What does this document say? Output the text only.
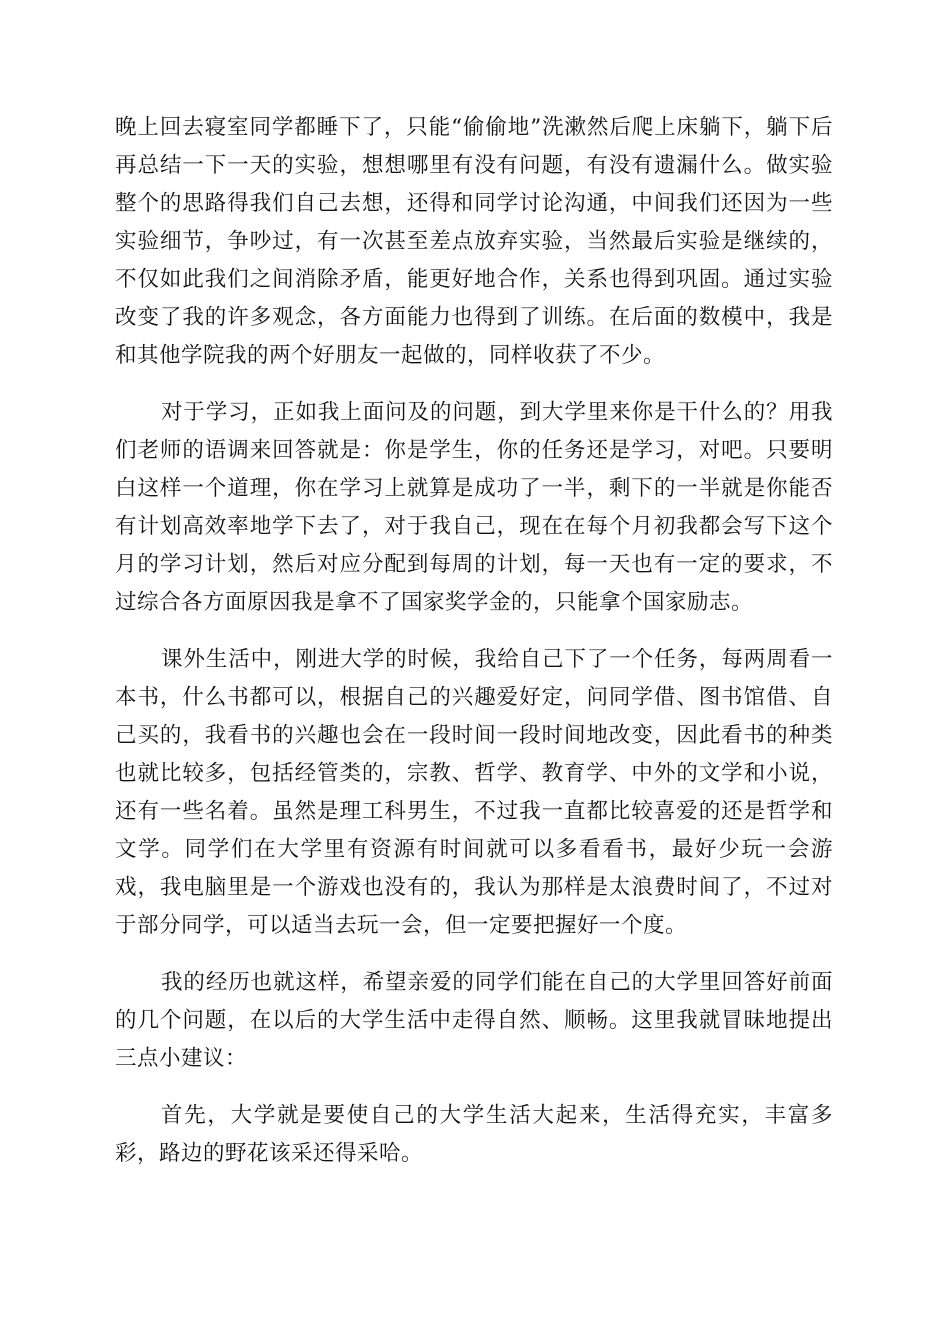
晚上回去寝室同学都睡下了，只能“偷偷地”洗漱然后爬上床躺下，躺下后再总结一下一天的实验，想想哪里有没有问题，有没有遗漏什么。做实验整个的思路得我们自己去想，还得和同学讨论沟通，中间我们还因为一些实验细节，争吵过，有一次甚至差点放弃实验，当然最后实验是继续的，不仅如此我们之间消除矛盾，能更好地合作，关系也得到巩固。通过实验改变了我的许多观念，各方面能力也得到了训练。在后面的数模中，我是和其他学院我的两个好朋友一起做的，同样收获了不少。

对于学习，正如我上面问及的问题，到大学里来你是干什么的？用我们老师的语调来回答就是：你是学生，你的任务还是学习，对吧。只要明白这样一个道理，你在学习上就算是成功了一半，剩下的一半就是你能否有计划高效率地学下去了，对于我自己，现在在每个月初我都会写下这个月的学习计划，然后对应分配到每周的计划，每一天也有一定的要求，不过综合各方面原因我是拿不了国家奖学金的，只能拿个国家励志。

课外生活中，刚进大学的时候，我给自己下了一个任务，每两周看一本书，什么书都可以，根据自己的兴趣爱好定，问同学借、图书馆借、自己买的，我看书的兴趣也会在一段时间一段时间地改变，因此看书的种类也就比较多，包括经管类的，宗教、哲学、教育学、中外的文学和小说，还有一些名着。虽然是理工科男生，不过我一直都比较喜爱的还是哲学和文学。同学们在大学里有资源有时间就可以多看看书，最好少玩一会游戏，我电脑里是一个游戏也没有的，我认为那样是太浪费时间了，不过对于部分同学，可以适当去玩一会，但一定要把握好一个度。

我的经历也就这样，希望亲爱的同学们能在自己的大学里回答好前面的几个问题，在以后的大学生活中走得自然、顺畅。这里我就冒昧地提出三点小建议：

首先，大学就是要使自己的大学生活大起来，生活得充实，丰富多彩，路边的野花该采还得采哈。
